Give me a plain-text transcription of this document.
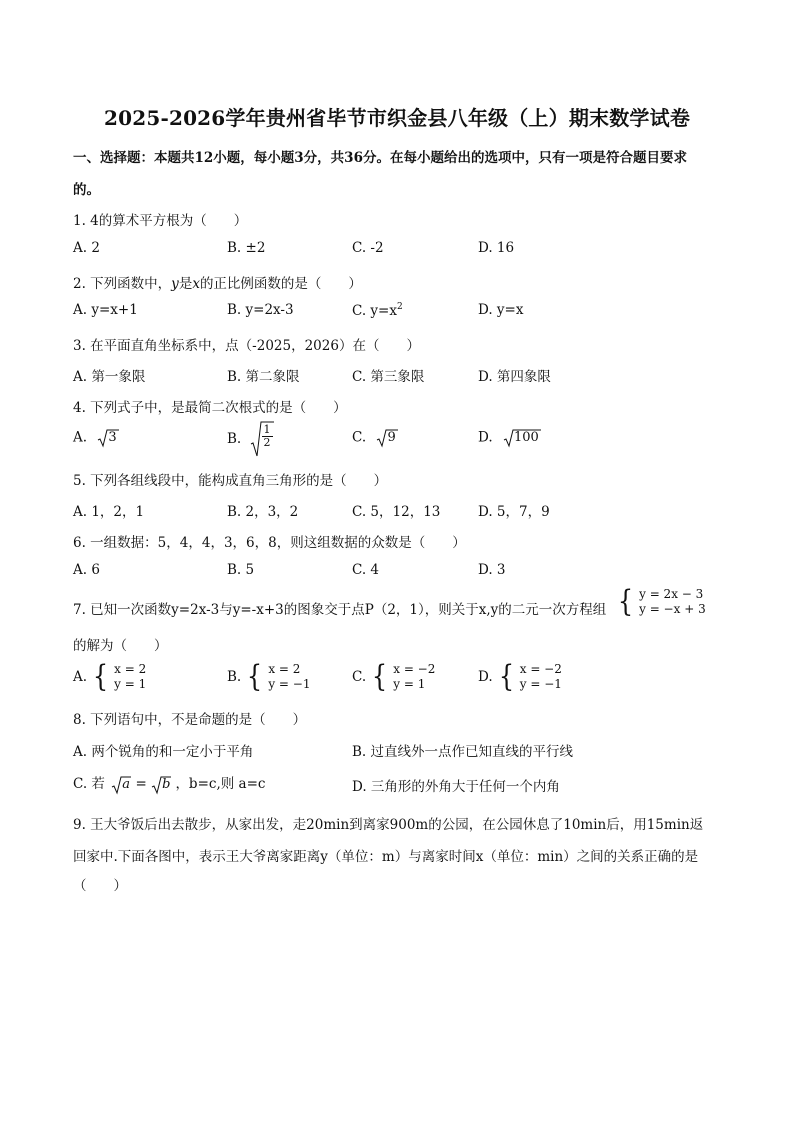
2025-2026学年贵州省毕节市织金县八年级（上）期末数学试卷
一、选择题：本题共12小题，每小题3分，共36分。在每小题给出的选项中，只有一项是符合题目要求
的。
1. 4的算术平方根为（　　）
A. 2	B. ±2	C. -2	D. 16
2. 下列函数中，y是x的正比例函数的是（　　）
A. y=x+1	B. y=2x-3	C. $y=x^2$	D. y=x
3. 在平面直角坐标系中，点（-2025，2026）在（　　）
A. 第一象限	B. 第二象限	C. 第三象限	D. 第四象限
4. 下列式子中，是最简二次根式的是（　　）
A. 3	B. $\frac{1}{2}$	C. 9	D. 100
5. 下列各组线段中，能构成直角三角形的是（　　）
A. 1，2，1	B. 2，3，2	C. 5，12，13	D. 5，7，9
6. 一组数据：5，4，4，3，6，8，则这组数据的众数是（　　）
A. 6	B. 5	C. 4	D. 3
7. 已知一次函数y=2x-3与y=-x+3的图象交于点P（2，1），则关于x,y的二元一次方程组 { y = 2x − 3
y = −x + 3
的解为（　　）
A. { x = 2
y = 1	B. { x = 2
y = −1	C. { x = −2
y = 1	D. { x = −2
y = −1
8. 下列语句中，不是命题的是（　　）
A. 两个锐角的和一定小于平角	B. 过直线外一点作已知直线的平行线
C. 若 a = b ，b=c,则 a=c	D. 三角形的外角大于任何一个内角
9. 王大爷饭后出去散步，从家出发，走20min到离家900m的公园，在公园休息了10min后，用15min返
回家中.下面各图中，表示王大爷离家距离y（单位：m）与离家时间x（单位：min）之间的关系正确的是
（　　）
